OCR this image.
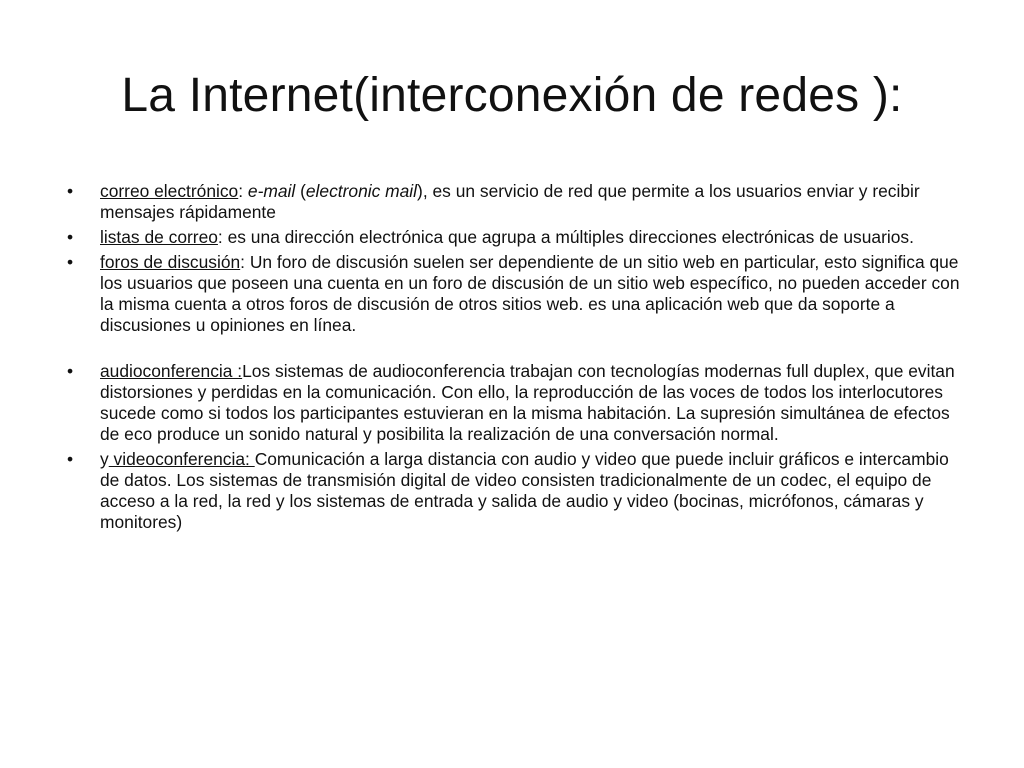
La Internet(interconexión de redes ):
•	correo electrónico: e-mail (electronic mail), es un servicio de red que permite a los usuarios enviar y recibir mensajes rápidamente
•	listas de correo: es una dirección electrónica que agrupa a múltiples direcciones electrónicas de usuarios.
•	foros de discusión: Un foro de discusión suelen ser dependiente de un sitio web en particular, esto significa que los usuarios que poseen una cuenta en un foro de discusión de un sitio web específico, no pueden acceder con la misma cuenta a otros foros de discusión de otros sitios web. es una aplicación web que da soporte a discusiones u opiniones en línea.
•	audioconferencia :Los sistemas de audioconferencia trabajan con tecnologías modernas full duplex, que evitan distorsiones y perdidas en la comunicación. Con ello, la reproducción de las voces de todos los interlocutores sucede como si todos los participantes estuvieran en la misma habitación. La supresión simultánea de efectos de eco produce un sonido natural y posibilita la realización de una conversación normal.
•	y videoconferencia: Comunicación a larga distancia con audio y video que puede incluir gráficos e intercambio de datos. Los sistemas de transmisión digital de video consisten tradicionalmente de un codec, el equipo de acceso a la red, la red y los sistemas de entrada y salida de audio y video (bocinas, micrófonos, cámaras y monitores)
